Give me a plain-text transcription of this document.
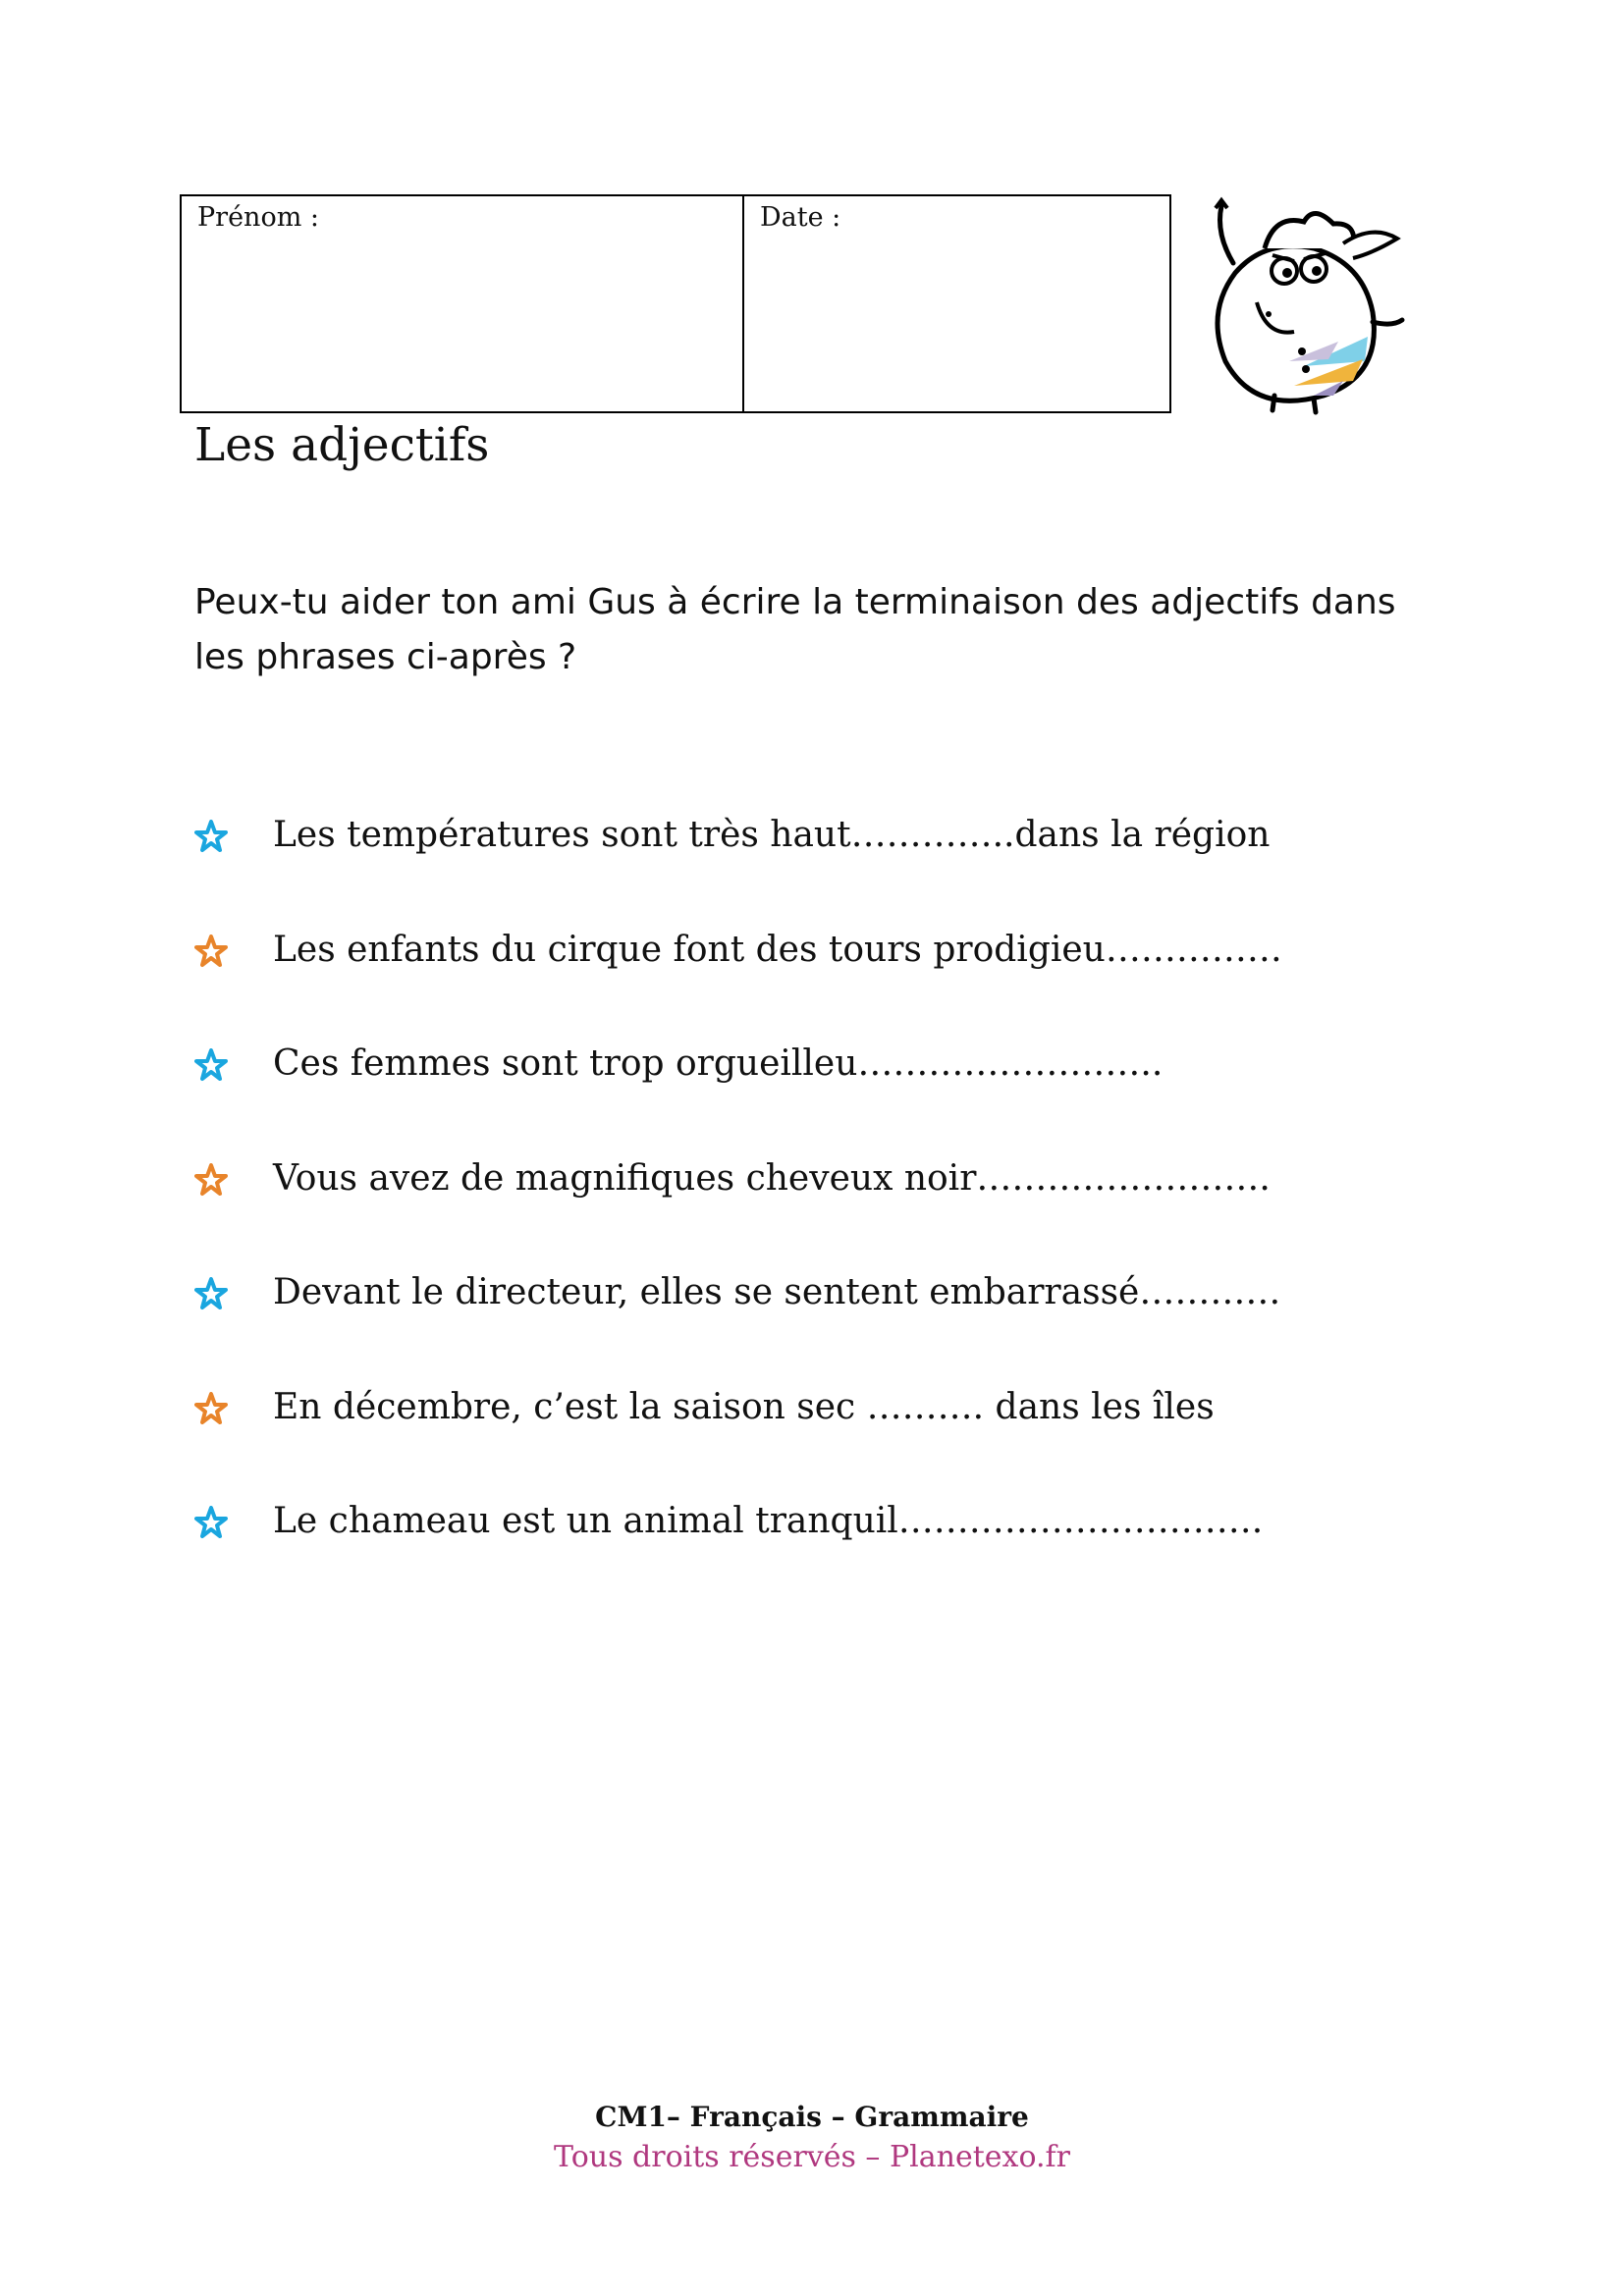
Prénom :	Date :
Les adjectifs
Peux-tu aider ton ami Gus à écrire la terminaison des adjectifs dans les phrases ci-après ?
Les températures sont très haut…………..dans la région
Les enfants du cirque font des tours prodigieu……………
Ces femmes sont trop orgueilleu……………………..
Vous avez de magnifiques cheveux noir…………………….
Devant le directeur, elles se sentent embarrassé…………
En décembre, c’est la saison sec ………. dans les îles
Le chameau est un animal tranquil………………………….
CM1– Français – Grammaire
Tous droits réservés – Planetexo.fr
